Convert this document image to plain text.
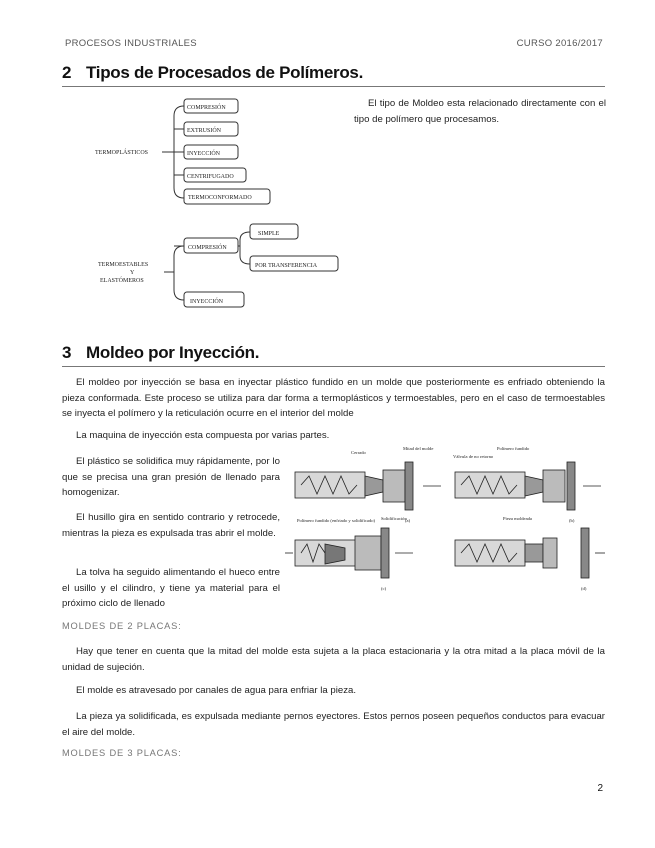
PROCESOS INDUSTRIALES	CURSO 2016/2017
2 Tipos de Procesados de Polímeros.
TERMOPLÁSTICOS
COMPRESIÓN
EXTRUSIÓN
INYECCIÓN
CENTRIFUGADO
TERMOCONFORMADO
TERMOESTABLES
Y
ELASTÓMEROS
COMPRESIÓN
SIMPLE
POR TRANSFERENCIA
INYECCIÓN
El tipo de Moldeo esta relacionado directamente con el tipo de polímero que procesamos.
3 Moldeo por Inyección.
El moldeo por inyección se basa en inyectar plástico fundido en un molde que posteriormente es enfriado obteniendo la pieza conformada. Este proceso se utiliza para dar forma a termoplásticos y termoestables, pero en el caso de termoestables se inyecta el polímero y la reticulación ocurre en el interior del molde
La maquina de inyección esta compuesta por varias partes.
El plástico se solidifica muy rápidamente, por lo que se precisa una gran presión de llenado para homogenizar.
El husillo gira en sentido contrario y retrocede, mientras la pieza es expulsada tras abrir el molde.
La tolva ha seguido alimentando el hueco entre el usillo y el cilindro, y tiene ya material para el próximo ciclo de llenado
Cerrado
Mitad del molde	Polímero fundido
Válvula de no retorno
Polímero fundido (enfriado y solidificado) Solidificación	Pieza moldeada
(a)	(b)
(c)	(d)
MOLDES DE 2 PLACAS:
Hay que tener en cuenta que la mitad del molde esta sujeta a la placa estacionaria y la otra mitad a la placa móvil de la unidad de sujeción.
El molde es atravesado por canales de agua para enfriar la pieza.
La pieza ya solidificada, es expulsada mediante pernos eyectores. Estos pernos poseen pequeños conductos para evacuar el aire del molde.
MOLDES DE 3 PLACAS:
2
